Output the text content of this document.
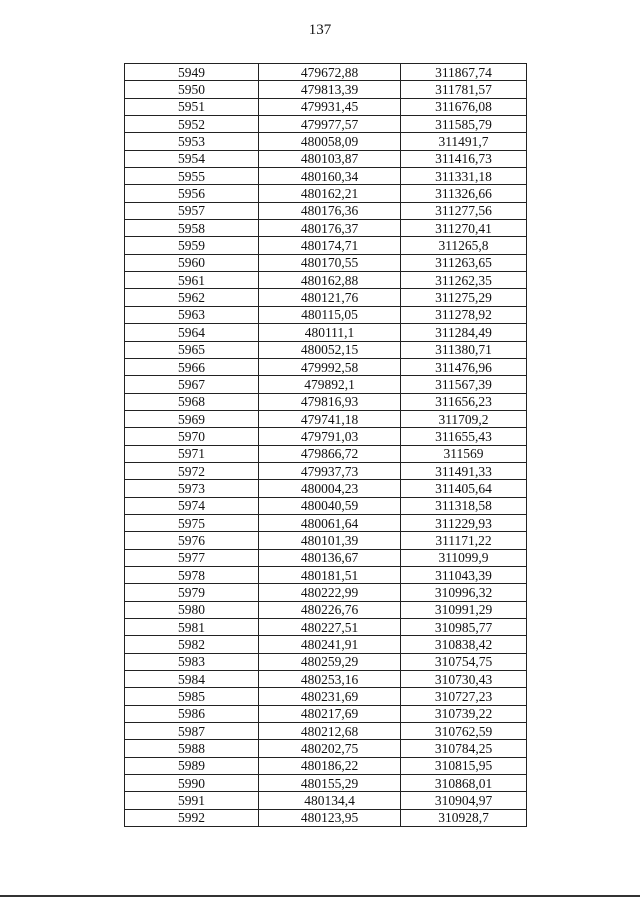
137
5949	479672,88	311867,74
5950	479813,39	311781,57
5951	479931,45	311676,08
5952	479977,57	311585,79
5953	480058,09	311491,7
5954	480103,87	311416,73
5955	480160,34	311331,18
5956	480162,21	311326,66
5957	480176,36	311277,56
5958	480176,37	311270,41
5959	480174,71	311265,8
5960	480170,55	311263,65
5961	480162,88	311262,35
5962	480121,76	311275,29
5963	480115,05	311278,92
5964	480111,1	311284,49
5965	480052,15	311380,71
5966	479992,58	311476,96
5967	479892,1	311567,39
5968	479816,93	311656,23
5969	479741,18	311709,2
5970	479791,03	311655,43
5971	479866,72	311569
5972	479937,73	311491,33
5973	480004,23	311405,64
5974	480040,59	311318,58
5975	480061,64	311229,93
5976	480101,39	311171,22
5977	480136,67	311099,9
5978	480181,51	311043,39
5979	480222,99	310996,32
5980	480226,76	310991,29
5981	480227,51	310985,77
5982	480241,91	310838,42
5983	480259,29	310754,75
5984	480253,16	310730,43
5985	480231,69	310727,23
5986	480217,69	310739,22
5987	480212,68	310762,59
5988	480202,75	310784,25
5989	480186,22	310815,95
5990	480155,29	310868,01
5991	480134,4	310904,97
5992	480123,95	310928,7
